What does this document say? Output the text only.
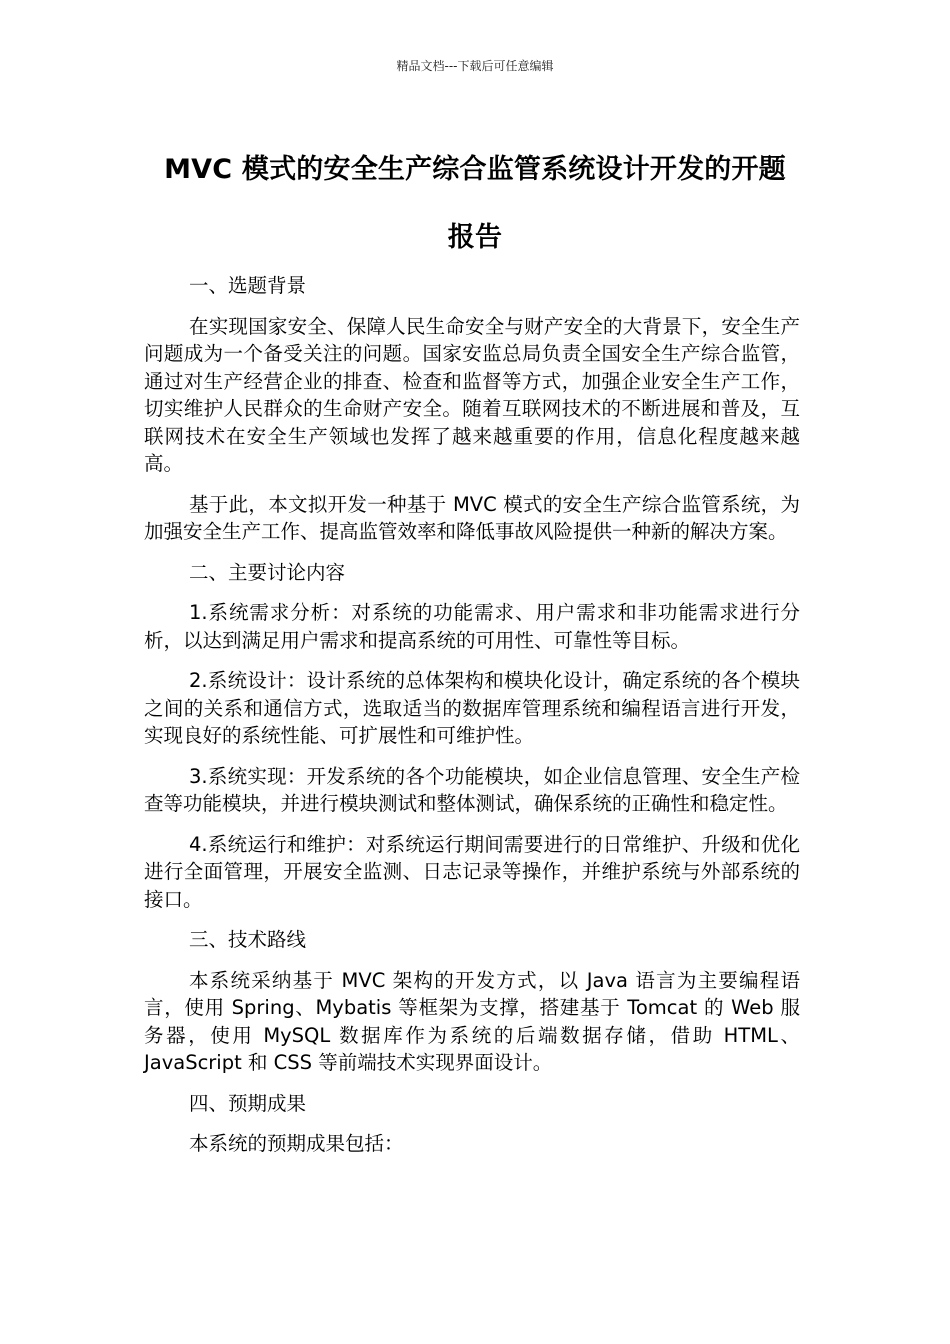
精品文档---下载后可任意编辑
MVC 模式的安全生产综合监管系统设计开发的开题
报告

一、选题背景

在实现国家安全、保障人民生命安全与财产安全的大背景下，安全生产问题成为一个备受关注的问题。国家安监总局负责全国安全生产综合监管，通过对生产经营企业的排查、检查和监督等方式，加强企业安全生产工作，切实维护人民群众的生命财产安全。随着互联网技术的不断进展和普及，互联网技术在安全生产领域也发挥了越来越重要的作用，信息化程度越来越高。

基于此，本文拟开发一种基于 MVC 模式的安全生产综合监管系统，为加强安全生产工作、提高监管效率和降低事故风险提供一种新的解决方案。

二、主要讨论内容

1.系统需求分析：对系统的功能需求、用户需求和非功能需求进行分析，以达到满足用户需求和提高系统的可用性、可靠性等目标。

2.系统设计：设计系统的总体架构和模块化设计，确定系统的各个模块之间的关系和通信方式，选取适当的数据库管理系统和编程语言进行开发，实现良好的系统性能、可扩展性和可维护性。

3.系统实现：开发系统的各个功能模块，如企业信息管理、安全生产检查等功能模块，并进行模块测试和整体测试，确保系统的正确性和稳定性。

4.系统运行和维护：对系统运行期间需要进行的日常维护、升级和优化进行全面管理，开展安全监测、日志记录等操作，并维护系统与外部系统的接口。

三、技术路线

本系统采纳基于 MVC 架构的开发方式，以 Java 语言为主要编程语言，使用 Spring、Mybatis 等框架为支撑，搭建基于 Tomcat 的 Web 服务器，使用 MySQL 数据库作为系统的后端数据存储，借助 HTML、JavaScript 和 CSS 等前端技术实现界面设计。

四、预期成果

本系统的预期成果包括：
